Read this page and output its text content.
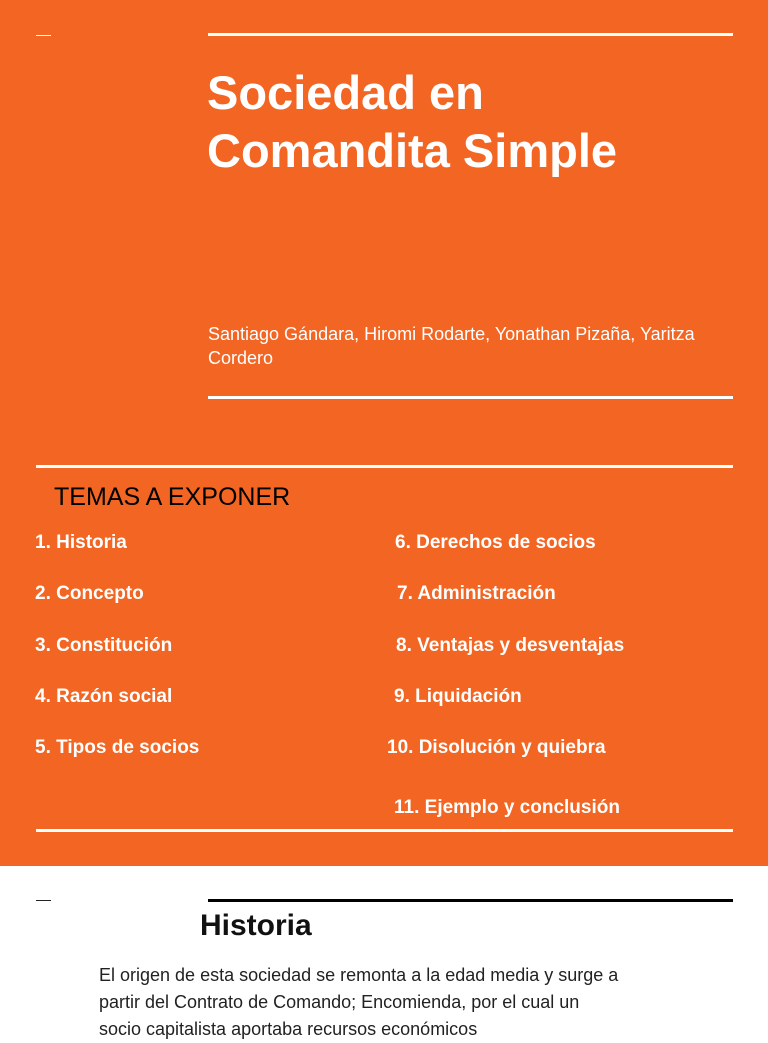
Sociedad en
Comandita Simple
Santiago Gándara, Hiromi Rodarte, Yonathan Pizaña, Yaritza Cordero
TEMAS A EXPONER
1. Historia
2. Concepto
3. Constitución
4. Razón social
5. Tipos de socios
6. Derechos de socios
7. Administración
8. Ventajas y desventajas
9. Liquidación
10. Disolución y quiebra
11. Ejemplo y conclusión
Historia
El origen de esta sociedad se remonta a la edad media y surge a partir del Contrato de Comando; Encomienda, por el cual un socio capitalista aportaba recursos económicos
